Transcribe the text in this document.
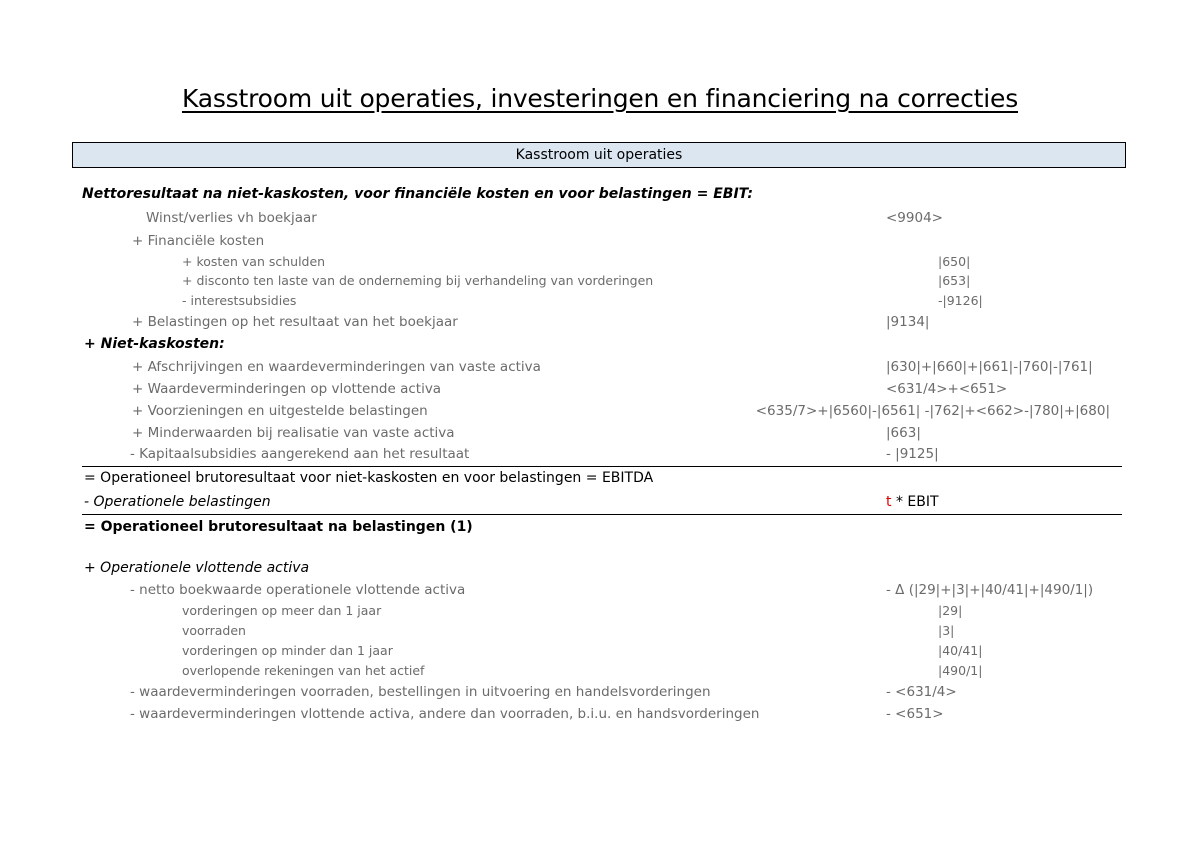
Kasstroom uit operaties, investeringen en financiering na correcties
Kasstroom uit operaties
Nettoresultaat na niet-kaskosten, voor financiële kosten en voor belastingen = EBIT:
Winst/verlies vh boekjaar	<9904>
+ Financiële kosten
+ kosten van schulden	|650|
+ disconto ten laste van de onderneming bij verhandeling van vorderingen	|653|
- interestsubsidies	-|9126|
+ Belastingen op het resultaat van het boekjaar	|9134|
+ Niet-kaskosten:
+ Afschrijvingen en waardeverminderingen van vaste activa	|630|+|660|+|661|-|760|-|761|
+ Waardeverminderingen op vlottende activa	<631/4>+<651>
+ Voorzieningen en uitgestelde belastingen	<635/7>+|6560|-|6561| -|762|+<662>-|780|+|680|
+ Minderwaarden bij realisatie van vaste activa	|663|
- Kapitaalsubsidies aangerekend aan het resultaat	- |9125|
= Operationeel brutoresultaat voor niet-kaskosten en voor belastingen = EBITDA
- Operationele belastingen	t * EBIT
= Operationeel brutoresultaat na belastingen (1)
+ Operationele vlottende activa
- netto boekwaarde operationele vlottende activa	- Δ (|29|+|3|+|40/41|+|490/1|)
vorderingen op meer dan 1 jaar	|29|
voorraden	|3|
vorderingen op minder dan 1 jaar	|40/41|
overlopende rekeningen van het actief	|490/1|
- waardeverminderingen voorraden, bestellingen in uitvoering en handelsvorderingen	- <631/4>
- waardeverminderingen vlottende activa, andere dan voorraden, b.i.u. en handsvorderingen	- <651>
